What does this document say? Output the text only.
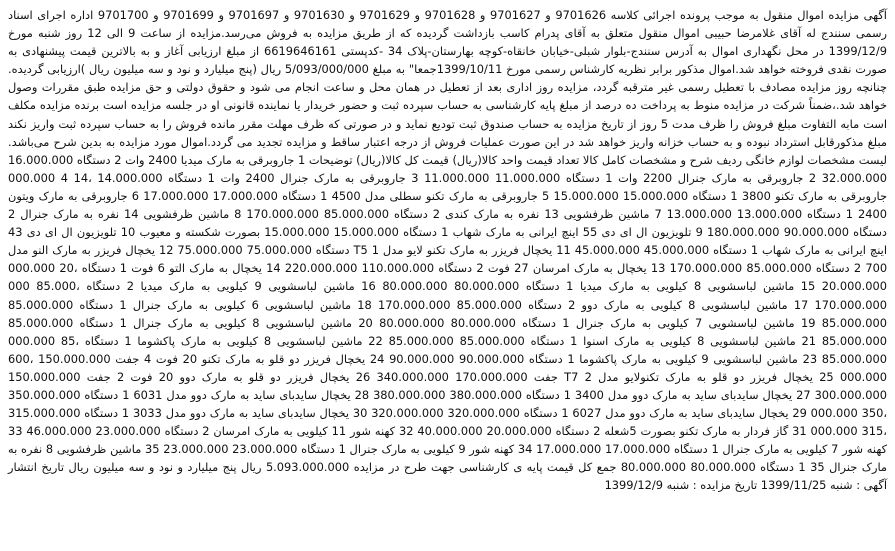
آگهی مزایده اموال منقول به موجب پرونده اجرائی کلاسه 9701626 و 9701627 و 9701628 و 9701629 و 9701630 و 9701697 و 9701699 و 9701700 اداره اجرای اسناد رسمی سنندج له آقای غلامرضا حبیبی اموال منقول متعلق به آقای پدرام کاسب بازداشت گردیده که از طریق مزایده به فروش می‌رسد.مزایده از ساعت 9 الی 12 روز شنبه مورخ 1399/12/9 در محل نگهداری اموال به آدرس سنندج-بلوار شبلی-خیابان خانقاه-کوچه بهارستان-پلاک 34 -کدپستی 6619646161 از مبلغ ارزیابی آغاز و به بالاترین قیمت پیشنهادی به صورت نقدی فروخته خواهد شد.اموال مذکور برابر نظریه کارشناس رسمی مورخ 1399/10/11جمعا" به مبلغ 5/093/000/000 ریال (پنج میلیارد و نود و سه میلیون ریال )ارزیابی گردیده. چنانچه روز مزایده مصادف با تعطیل رسمی غیر مترقبه گردد، مزایده روز اداری بعد از تعطیل در همان محل و ساعت انجام می شود و حقوق دولتی و حق مزایده طبق مقررات وصول خواهد شد.،ضمناً شرکت در مزایده منوط به پرداخت ده درصد از مبلغ پایه کارشناسی به حساب سپرده ثبت و حضور خریدار یا نماینده قانونی او در جلسه مزایده است برنده مزایده مکلف است مابه التفاوت مبلغ فروش را ظرف مدت 5 روز از تاریخ مزایده به حساب صندوق ثبت تودیع نماید و در صورتی که ظرف مهلت مقرر مانده فروش را به حساب سپرده ثبت واریز نکند مبلغ مذکورقابل استرداد نبوده و به حساب خزانه واریز خواهد شد در این صورت عملیات فروش از درجه اعتبار ساقط و مزایده تجدید می گردد.اموال مورد مزایده به بدین شرح می‌باشد. لیست مشخصات لوازم خانگی ردیف شرح و مشخصات کامل کالا تعداد قیمت واحد کالا(ریال) قیمت کل کالا(ریال) توضیحات 1 جاروبرقی به مارک میدیا 2400 وات 2 دستگاه 16.000.000 32.000.000 2 جاروبرقی به مارک جنرال 2200 وات 1 دستگاه 11.000.000 11.000.000 3 جاروبرقی به مارک جنرال 2400 وات 1 دستگاه 14.000.000 ،14 4 000.000 جاروبرقی به مارک تکنو 3800 1 دستگاه 15.000.000 15.000.000 5 جاروبرقی به مارک تکنو سطلی مدل 4500 1 دستگاه 17.000.000 17.000.000 6 جاروبرقی به مارک ویتون 2400 1 دستگاه 13.000.000 13.000.000 7 ماشین ظرفشویی 13 نفره به مارک کندی 2 دستگاه 85.000.000 170.000.000 8 ماشین ظرفشویی 14 نفره به مارک جنرال 2 دستگاه 90.000.000 180.000.000 9 تلویزیون ال ای دی 55 اینچ ایرانی به مارک شهاب 1 دستگاه 15.000.000 15.000.000 بصورت شکسته و معیوب 10 تلویزیون ال ای دی 43 اینچ ایرانی به مارک شهاب 1 دستگاه 45.000.000 45.000.000 11 یخچال فریزر به مارک تکنو لایو مدل T5 1 دستگاه 75.000.000 75.000.000 12 یخچال فریزر به مارک النو مدل 700 2 دستگاه 85.000.000 170.000.000 13 یخچال به مارک امرسان 27 فوت 2 دستگاه 110.000.000 220.000.000 14 یخچال به مارک التو 6 فوت 1 دستگاه ،20 000.000 20.000.000 15 ماشین لباسشویی 8 کیلویی به مارک میدیا 1 دستگاه 80.000.000 80.000.000 16 ماشین لباسشویی 9 کیلویی به مارک میدیا 2 دستگاه ،85.000 000 170.000.000 17 ماشین لباسشویی 8 کیلویی به مارک دوو 2 دستگاه 85.000.000 170.000.000 18 ماشین لباسشویی 6 کیلویی به مارک جنرال 1 دستگاه 85.000.000 85.000.000 19 ماشین لباسشویی 7 کیلویی به مارک جنرال 1 دستگاه 80.000.000 80.000.000 20 ماشین لباسشویی 8 کیلویی به مارک جنرال 1 دستگاه 85.000.000 85.000.000 21 ماشین لباسشویی 8 کیلویی به مارک اسنوا 1 دستگاه 85.000.000 85.000.000 22 ماشین لباسشویی 8 کیلویی به مارک پاکشوما 1 دستگاه ،85 000.000 85.000.000 23 ماشین لباسشویی 9 کیلویی به مارک پاکشوما 1 دستگاه 90.000.000 90.000.000 24 یخچال فریزر دو قلو به مارک تکنو 20 فوت 4 جفت 150.000.000 ،600 000.000 25 یخچال فریزر دو قلو به مارک تکنولایو مدل T7 2 جفت 170.000.000 340.000.000 26 یخچال فریزر دو قلو به مارک دوو 20 فوت 2 جفت 150.000.000 300.000.000 27 یخچال سایدبای ساید به مارک دوو مدل 3400 1 دستگاه 380.000.000 380.000.000 28 یخچال سایدبای ساید به مارک دوو مدل 6031 1 دستگاه 350.000.000 ،350 000.000 29 یخچال سایدبای ساید به مارک دوو مدل 6027 1 دستگاه 320.000.000 320.000.000 30 یخچال سایدبای ساید به مارک دوو مدل 3033 1 دستگاه 315.000.000 ،315 000.000 31 گاز فردار به مارک تکنو بصورت 5شعله 2 دستگاه 20.000.000 40.000.000 32 کهنه شور 11 کیلویی به مارک امرسان 2 دستگاه 23.000.000 46.000.000 33 کهنه شور 7 کیلویی به مارک جنرال 1 دستگاه 17.000.000 17.000.000 34 کهنه شور 9 کیلویی به مارک جنرال 1 دستگاه 23.000.000 23.000.000 35 ماشین ظرفشویی 8 نفره به مارک جنرال 35 1 دستگاه 80.000.000 80.000.000 جمع کل قیمت پایه ی کارشناسی جهت طرح در مزایده 5.093.000.000 ریال پنج میلیارد و نود و سه میلیون ریال تاریخ انتشار آگهی : شنبه 1399/11/25 تاریخ مزایده : شنبه 1399/12/9
